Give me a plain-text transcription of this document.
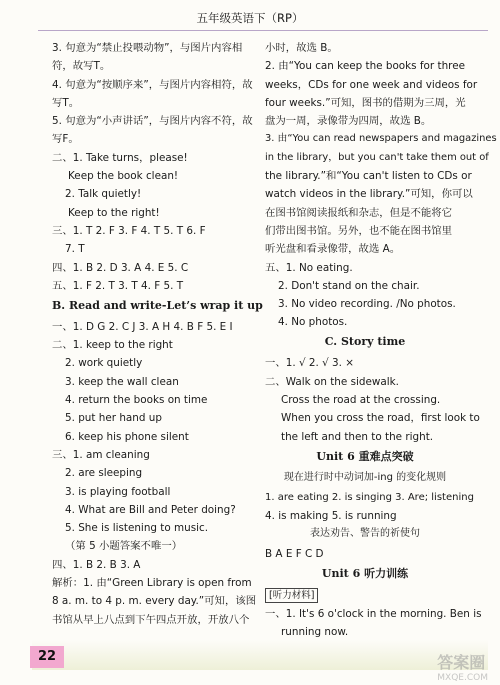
五年级英语下（RP）

3. 句意为“禁止投喂动物”，与图片内容相

符，故写T。

4. 句意为“按顺序来”，与图片内容相符，故

写T。

5. 句意为“小声讲话”，与图片内容不符，故

写F。

二、1. Take turns，please!

Keep the book clean!

2. Talk quietly!

Keep to the right!

三、1. T 2. F 3. F 4. T 5. T 6. F

7. T

四、1. B 2. D 3. A 4. E 5. C

五、1. F 2. T 3. T 4. F 5. T

B. Read and write-Let’s wrap it up

一、1. D G 2. C J 3. A H 4. B F 5. E I

二、1. keep to the right

2. work quietly

3. keep the wall clean

4. return the books on time

5. put her hand up

6. keep his phone silent

三、1. am cleaning

2. are sleeping

3. is playing football

4. What are Bill and Peter doing?

5. She is listening to music.

（第 5 小题答案不唯一）

四、1. B 2. B 3. A

解析：1. 由“Green Library is open from

8 a. m. to 4 p. m. every day.”可知，该图

书馆从早上八点到下午四点开放，开放八个

小时，故选 B。

2. 由“You can keep the books for three

weeks，CDs for one week and videos for

four weeks.”可知，图书的借期为三周，光

盘为一周，录像带为四周，故选 B。

3. 由“You can read newspapers and magazines

in the library，but you can't take them out of

the library.”和“You can't listen to CDs or

watch videos in the library.”可知，你可以

在图书馆阅读报纸和杂志，但是不能将它

们带出图书馆。另外，也不能在图书馆里

听光盘和看录像带，故选 A。

五、1. No eating.

2. Don't stand on the chair.

3. No video recording. /No photos.

4. No photos.

C. Story time

一、1. √ 2. √ 3. ×

二、Walk on the sidewalk.

Cross the road at the crossing.

When you cross the road，first look to

the left and then to the right.

Unit 6 重难点突破

现在进行时中动词加-ing 的变化规则

1. are eating 2. is singing 3. Are; listening

4. is making 5. is running

表达劝告、警告的祈使句

B A E F C D

Unit 6 听力训练

[听力材料]

一、1. It's 6 o'clock in the morning. Ben is

running now.

22	答案圈
MXQE.COM
